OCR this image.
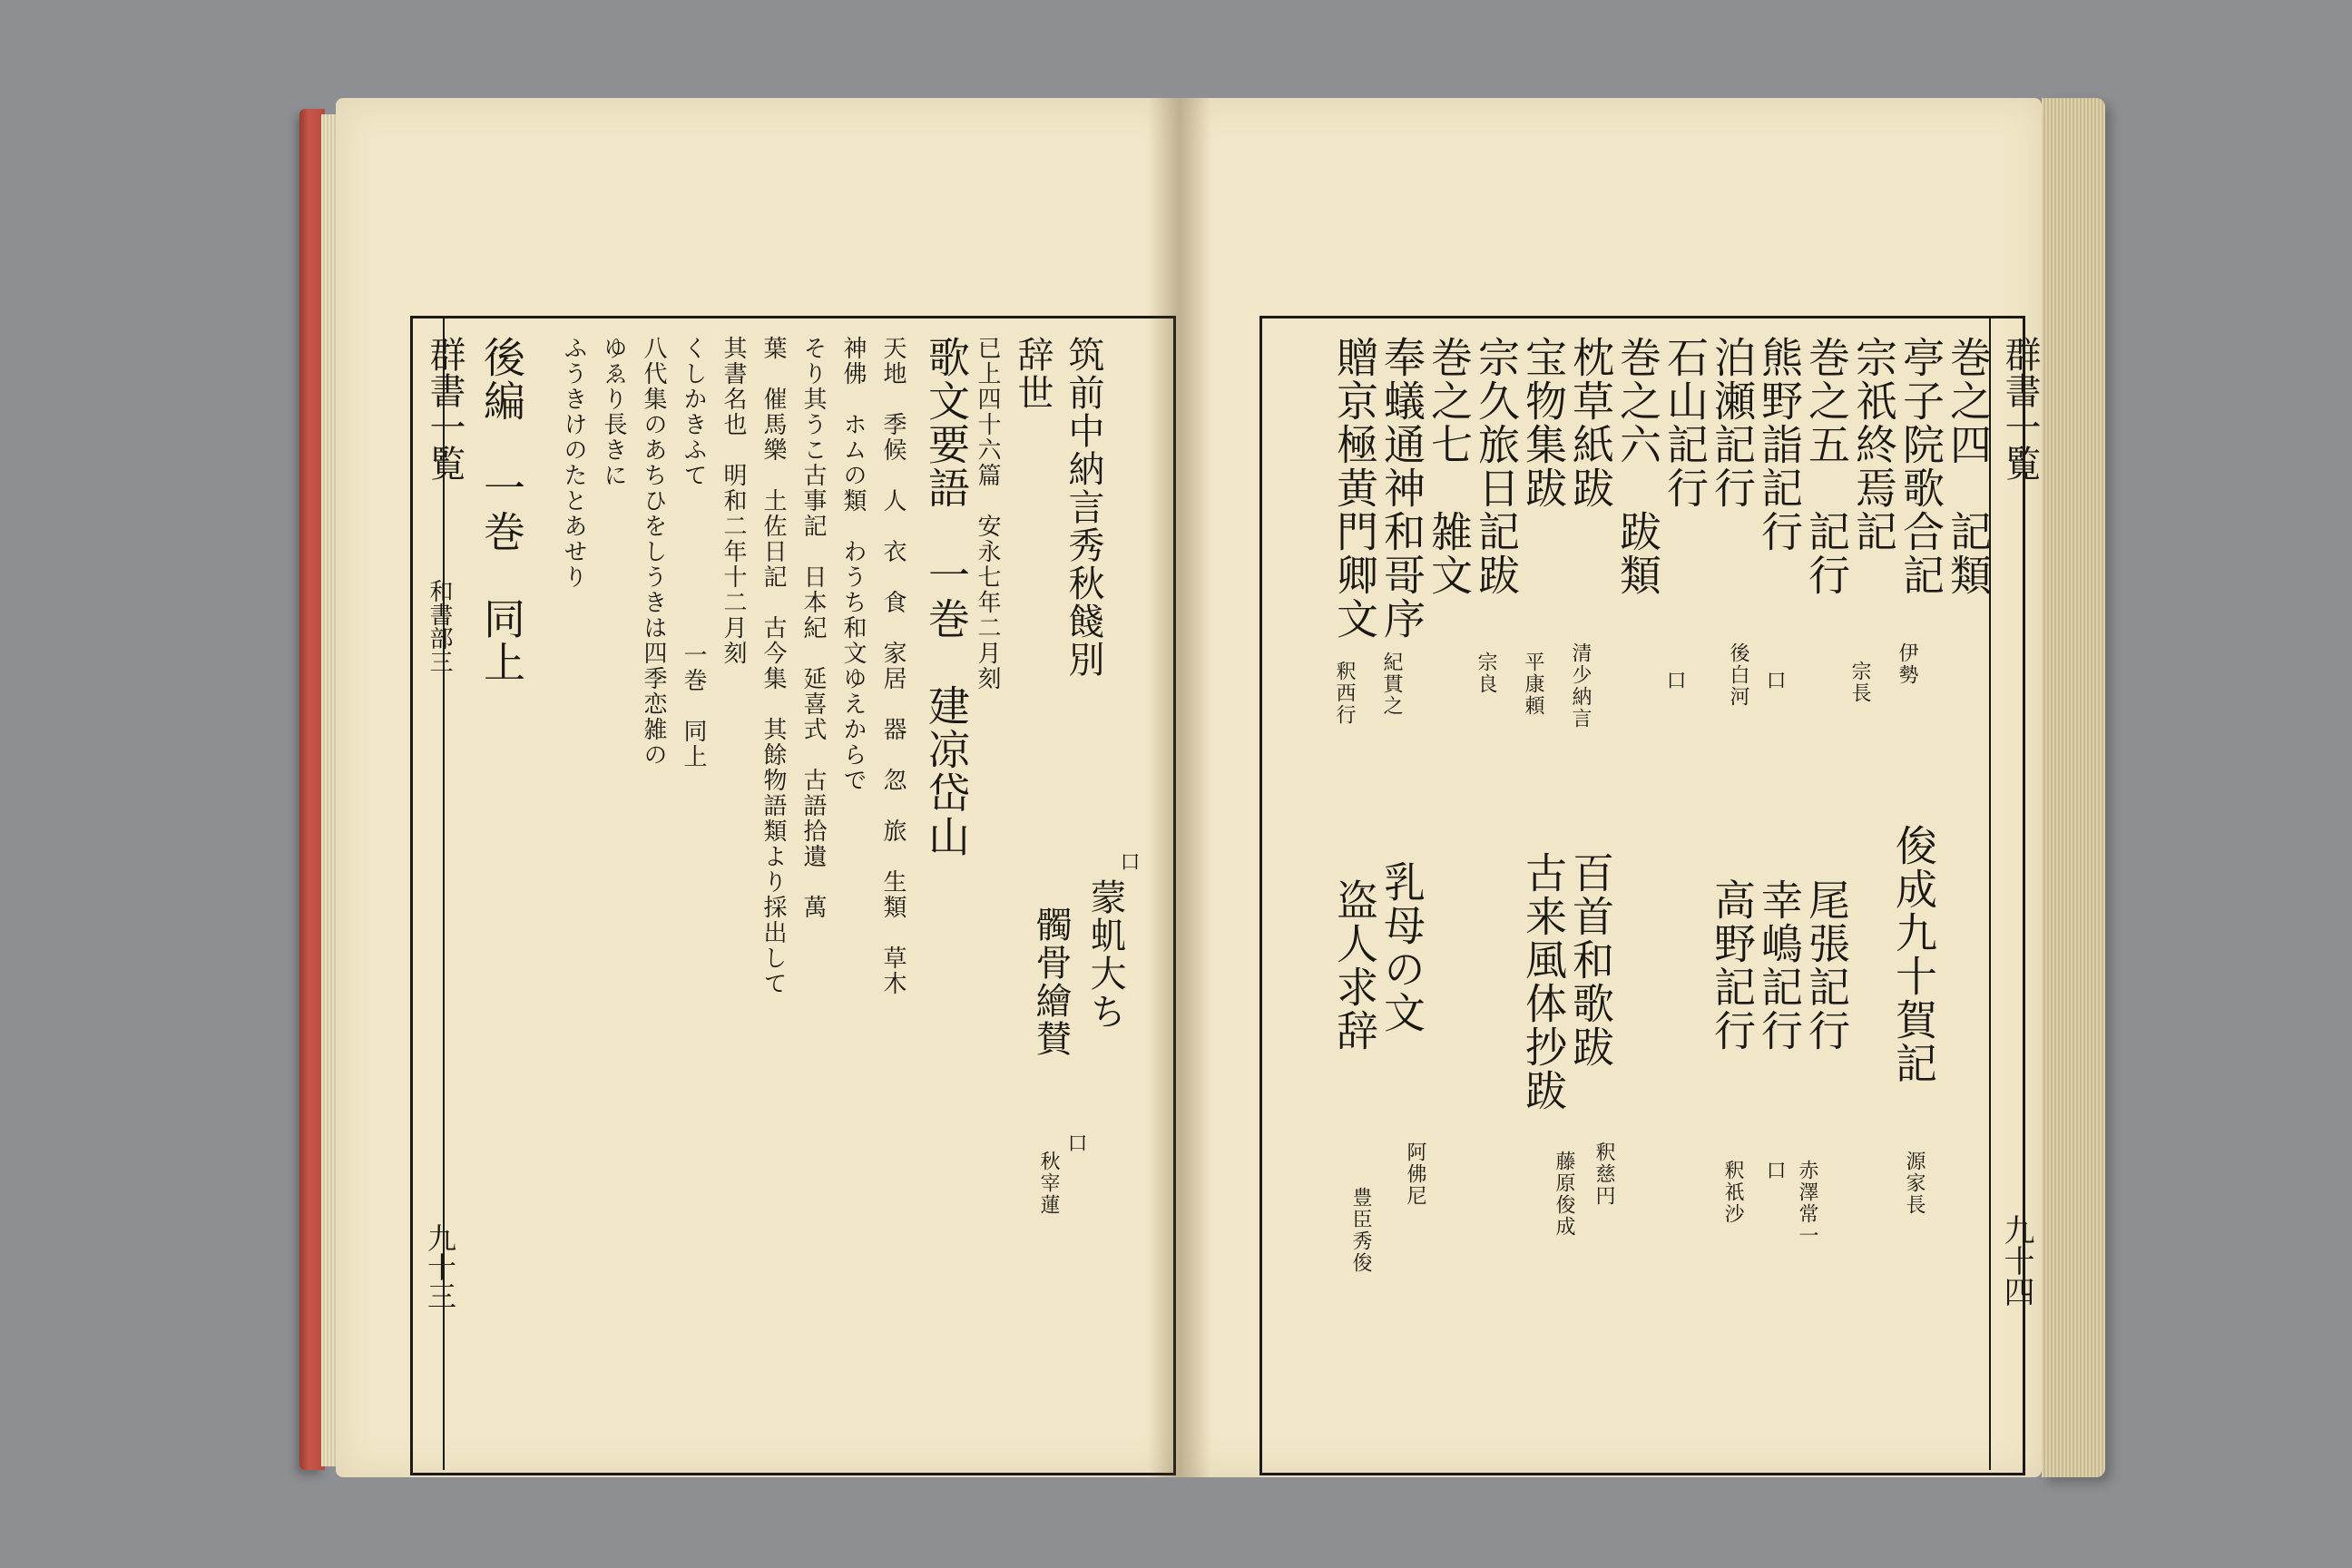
群書一覧
和書部三
九十三
筑前中納言秀秋餞別
辞世
已上四十六篇　安永七年二月刻
歌文要語　一巻　建凉岱山
天地　季候　人　衣　食　家居　器　忽　旅　生類　草木
神佛　ホムの類　わうち和文ゆえからで
そり其うこ古事記　日本紀　延喜式　古語拾遺　萬
葉　催馬樂　土佐日記　古今集　其餘物語類より採出して
其書名也　明和二年十二月刻
くしかきふて
一巻　同上
八代集のあちひをしうきは四季恋雑の
ゆゑり長きに
ふうきけのたとあせり
後編　一巻　同上
口
口
秋宰蓮
髑骨繪賛 蒙虮大ち
群書一覧
九十四
巻之四　記類
亭子院歌合記
宗祇終焉記
巻之五　記行
熊野詣記行
泊瀬記行
石山記行
巻之六　跋類
枕草紙跋
宝物集跋
宗久旅日記跋
巻之七　雑文
奉蟻通神和哥序
贈京極黄門卿文
伊勢
宗長
口
後白河
口
清少納言
平康頼
宗良
紀貫之
釈西行
俊成九十賀記
尾張記行
幸嶋記行
高野記行
百首和歌跋
古来風体抄跋
乳母の文
盗人求辞
源家長
赤澤常一
口
釈祇沙
釈慈円
藤原俊成
阿佛尼
豊臣秀俊
